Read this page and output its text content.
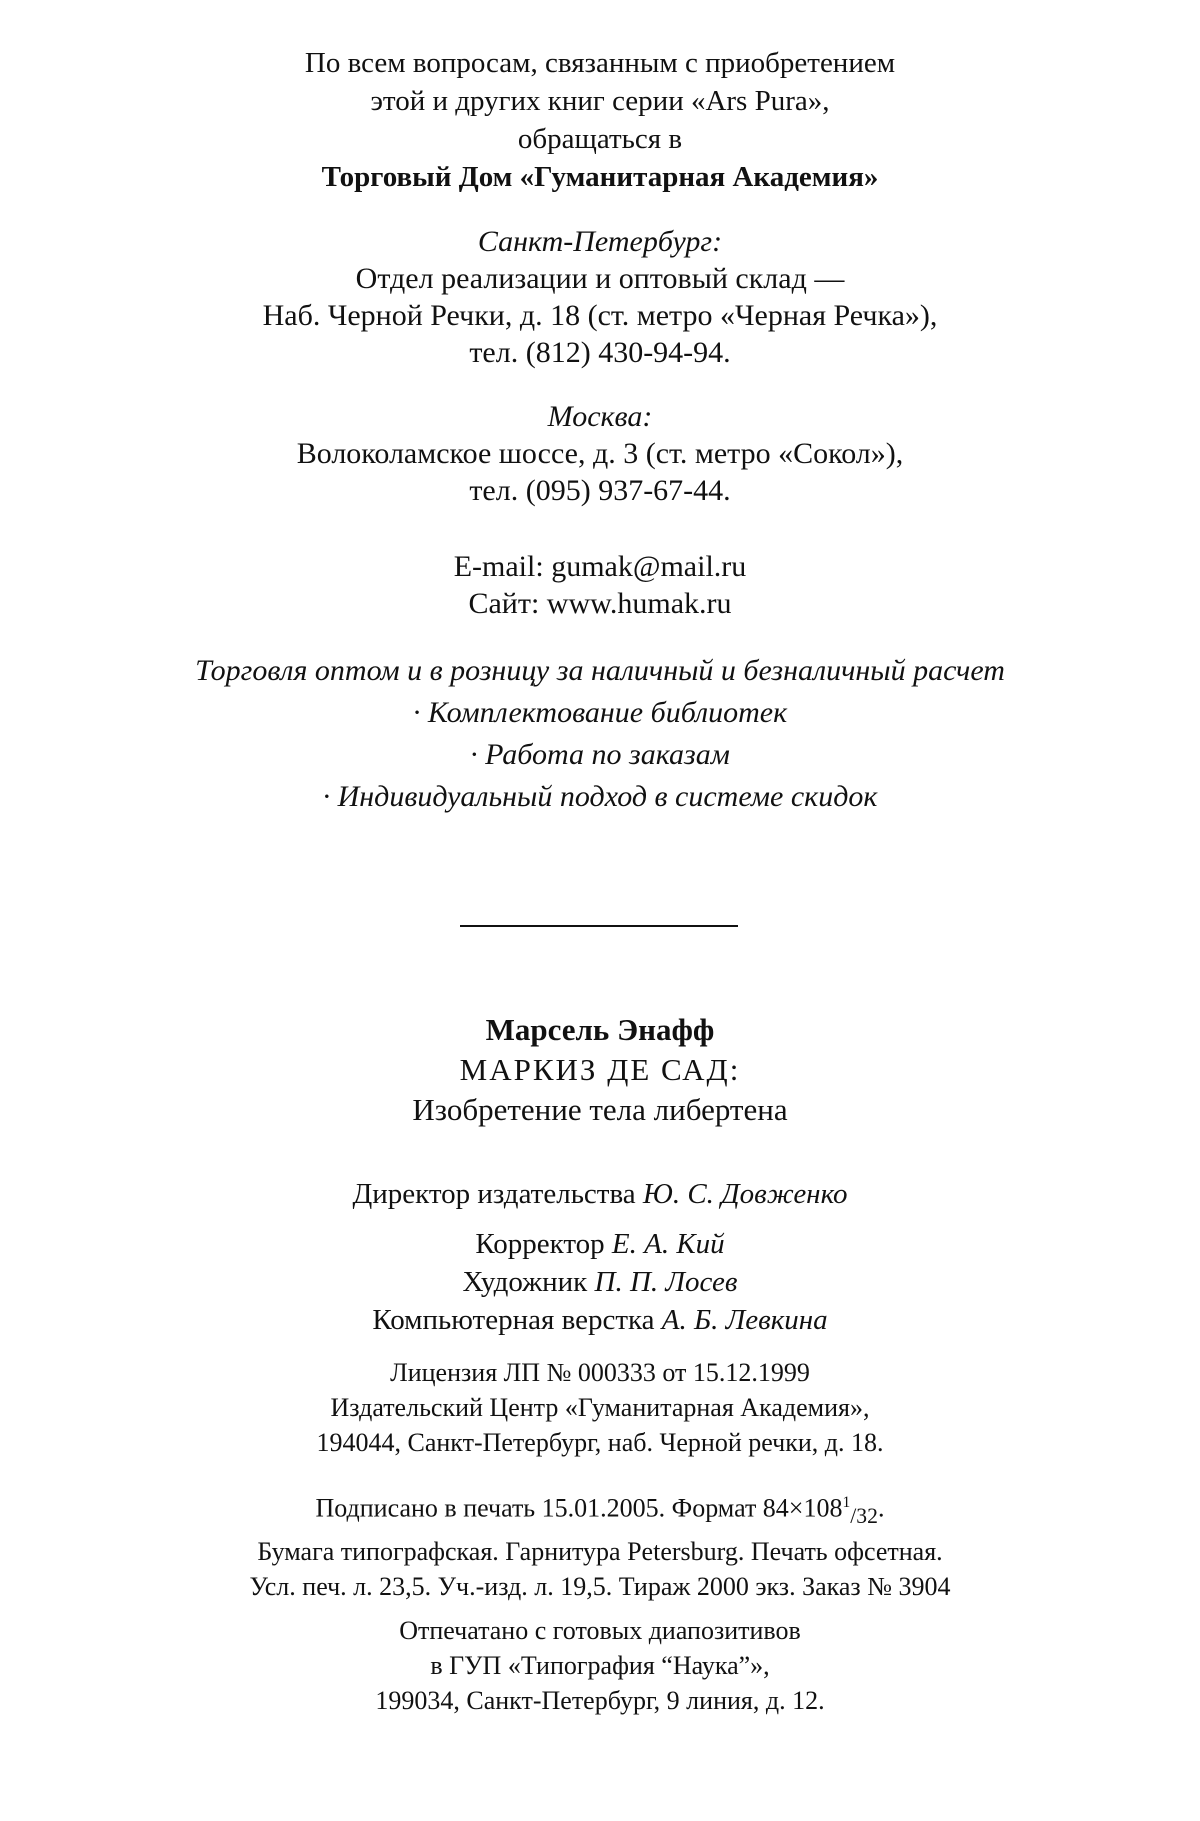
По всем вопросам, связанным с приобретением
этой и других книг серии «Ars Pura»,
обращаться в
Торговый Дом «Гуманитарная Академия»
Санкт-Петербург:
Отдел реализации и оптовый склад —
Наб. Черной Речки, д. 18 (ст. метро «Черная Речка»),
тел. (812) 430-94-94.
Москва:
Волоколамское шоссе, д. 3 (ст. метро «Сокол»),
тел. (095) 937-67-44.
E-mail: gumak@mail.ru
Сайт: www.humak.ru
Торговля оптом и в розницу за наличный и безналичный расчет
· Комплектование библиотек
· Работа по заказам
· Индивидуальный подход в системе скидок
Марсель Энафф
МАРКИЗ ДЕ САД:
Изобретение тела либертена
Директор издательства Ю. С. Довженко
Корректор Е. А. Кий
Художник П. П. Лосев
Компьютерная верстка А. Б. Левкина
Лицензия ЛП № 000333 от 15.12.1999
Издательский Центр «Гуманитарная Академия»,
194044, Санкт-Петербург, наб. Черной речки, д. 18.
Подписано в печать 15.01.2005. Формат $84\times 108^1_{/32}$.
Бумага типографская. Гарнитура Petersburg. Печать офсетная.
Усл. печ. л. 23,5. Уч.-изд. л. 19,5. Тираж 2000 экз. Заказ № 3904
Отпечатано с готовых диапозитивов
в ГУП «Типография “Наука”»,
199034, Санкт-Петербург, 9 линия, д. 12.
